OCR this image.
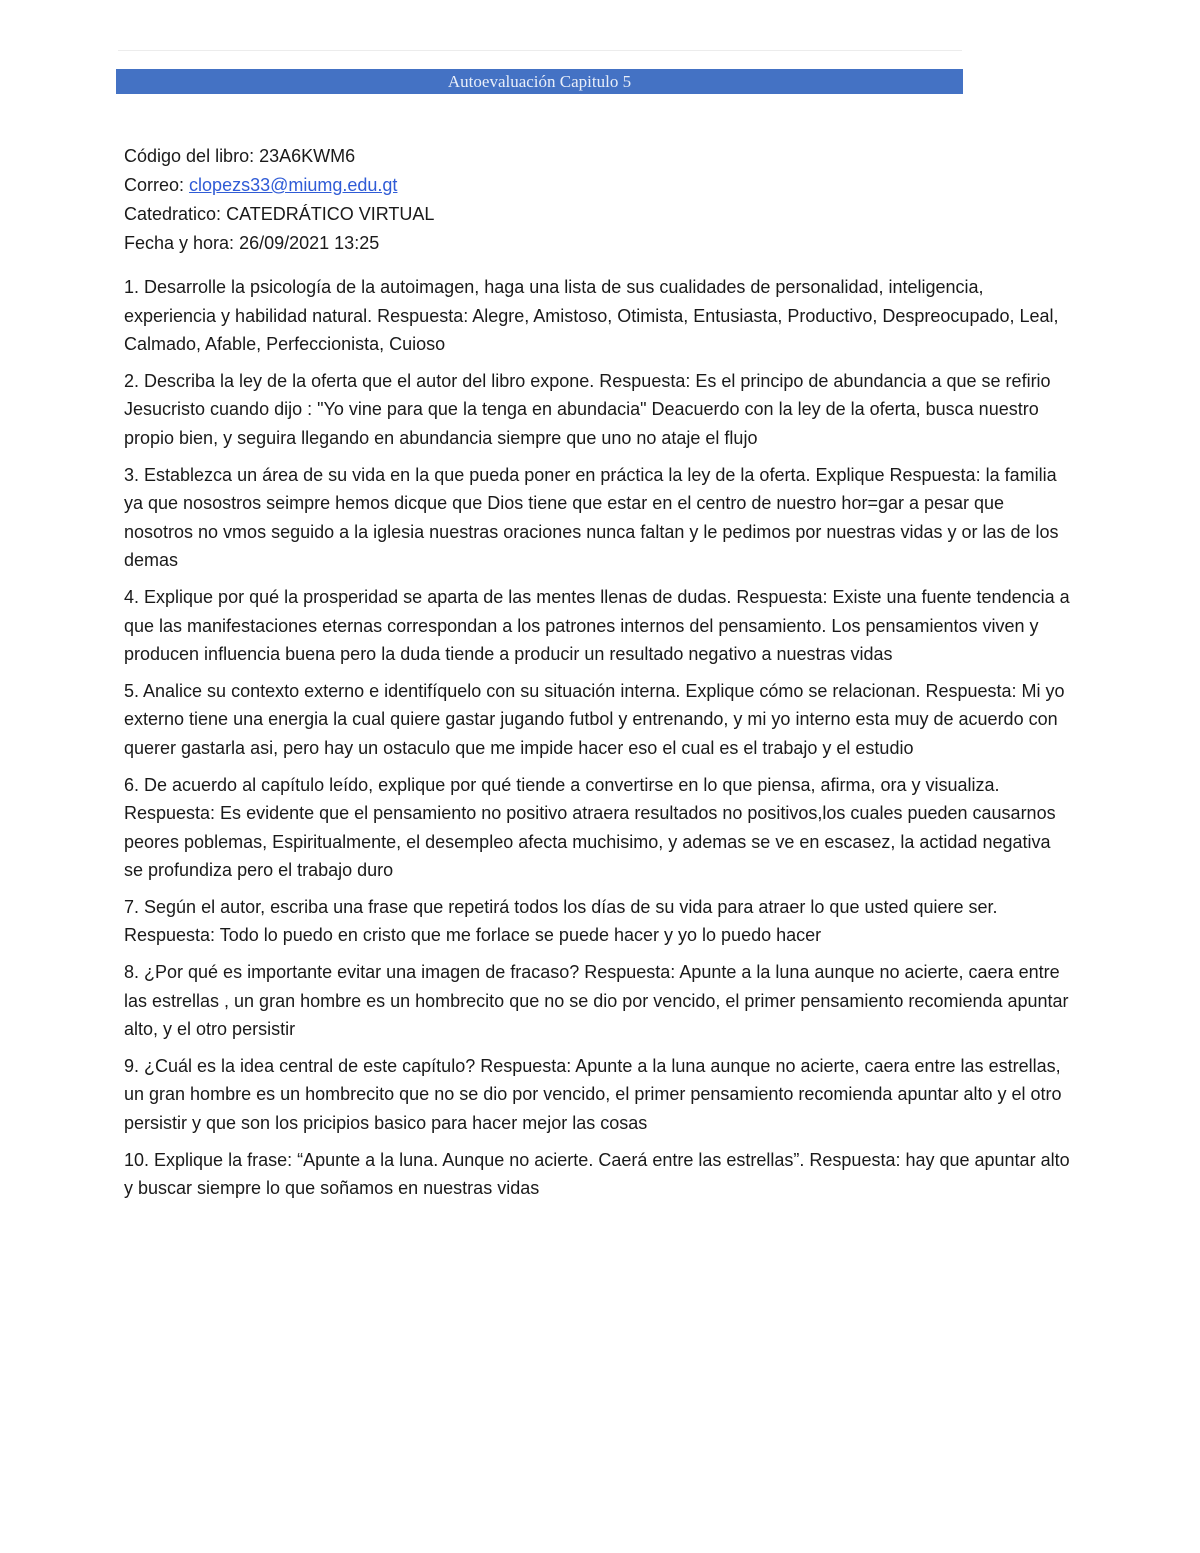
Autoevaluación Capitulo 5
Código del libro: 23A6KWM6
Correo: clopezs33@miumg.edu.gt
Catedratico: CATEDRÁTICO VIRTUAL
Fecha y hora: 26/09/2021 13:25

1. Desarrolle la psicología de la autoimagen, haga una lista de sus cualidades de personalidad, inteligencia, experiencia y habilidad natural. Respuesta: Alegre, Amistoso, Otimista, Entusiasta, Productivo, Despreocupado, Leal, Calmado, Afable, Perfeccionista, Cuioso

2. Describa la ley de la oferta que el autor del libro expone. Respuesta: Es el principo de abundancia a que se refirio Jesucristo cuando dijo : "Yo vine para que la tenga en abundacia" Deacuerdo con la ley de la oferta, busca nuestro propio bien, y seguira llegando en abundancia siempre que uno no ataje el flujo

3. Establezca un área de su vida en la que pueda poner en práctica la ley de la oferta. Explique Respuesta: la familia ya que nosostros seimpre hemos dicque que Dios tiene que estar en el centro de nuestro hor=gar a pesar que nosotros no vmos seguido a la iglesia nuestras oraciones nunca faltan y le pedimos por nuestras vidas y or las de los demas

4. Explique por qué la prosperidad se aparta de las mentes llenas de dudas. Respuesta: Existe una fuente tendencia a que las manifestaciones eternas correspondan a los patrones internos del pensamiento. Los pensamientos viven y producen influencia buena pero la duda tiende a producir un resultado negativo a nuestras vidas

5. Analice su contexto externo e identifíquelo con su situación interna. Explique cómo se relacionan. Respuesta: Mi yo externo tiene una energia la cual quiere gastar jugando futbol y entrenando, y mi yo interno esta muy de acuerdo con querer gastarla asi, pero hay un ostaculo que me impide hacer eso el cual es el trabajo y el estudio

6. De acuerdo al capítulo leído, explique por qué tiende a convertirse en lo que piensa, afirma, ora y visualiza. Respuesta: Es evidente que el pensamiento no positivo atraera resultados no positivos,los cuales pueden causarnos peores poblemas, Espiritualmente, el desempleo afecta muchisimo, y ademas se ve en escasez, la actidad negativa se profundiza pero el trabajo duro

7. Según el autor, escriba una frase que repetirá todos los días de su vida para atraer lo que usted quiere ser. Respuesta: Todo lo puedo en cristo que me forlace se puede hacer y yo lo puedo hacer

8. ¿Por qué es importante evitar una imagen de fracaso? Respuesta: Apunte a la luna aunque no acierte, caera entre las estrellas , un gran hombre es un hombrecito que no se dio por vencido, el primer pensamiento recomienda apuntar alto, y el otro persistir

9. ¿Cuál es la idea central de este capítulo? Respuesta: Apunte a la luna aunque no acierte, caera entre las estrellas, un gran hombre es un hombrecito que no se dio por vencido, el primer pensamiento recomienda apuntar alto y el otro persistir y que son los pricipios basico para hacer mejor las cosas

10. Explique la frase: “Apunte a la luna. Aunque no acierte. Caerá entre las estrellas”. Respuesta: hay que apuntar alto y buscar siempre lo que soñamos en nuestras vidas
